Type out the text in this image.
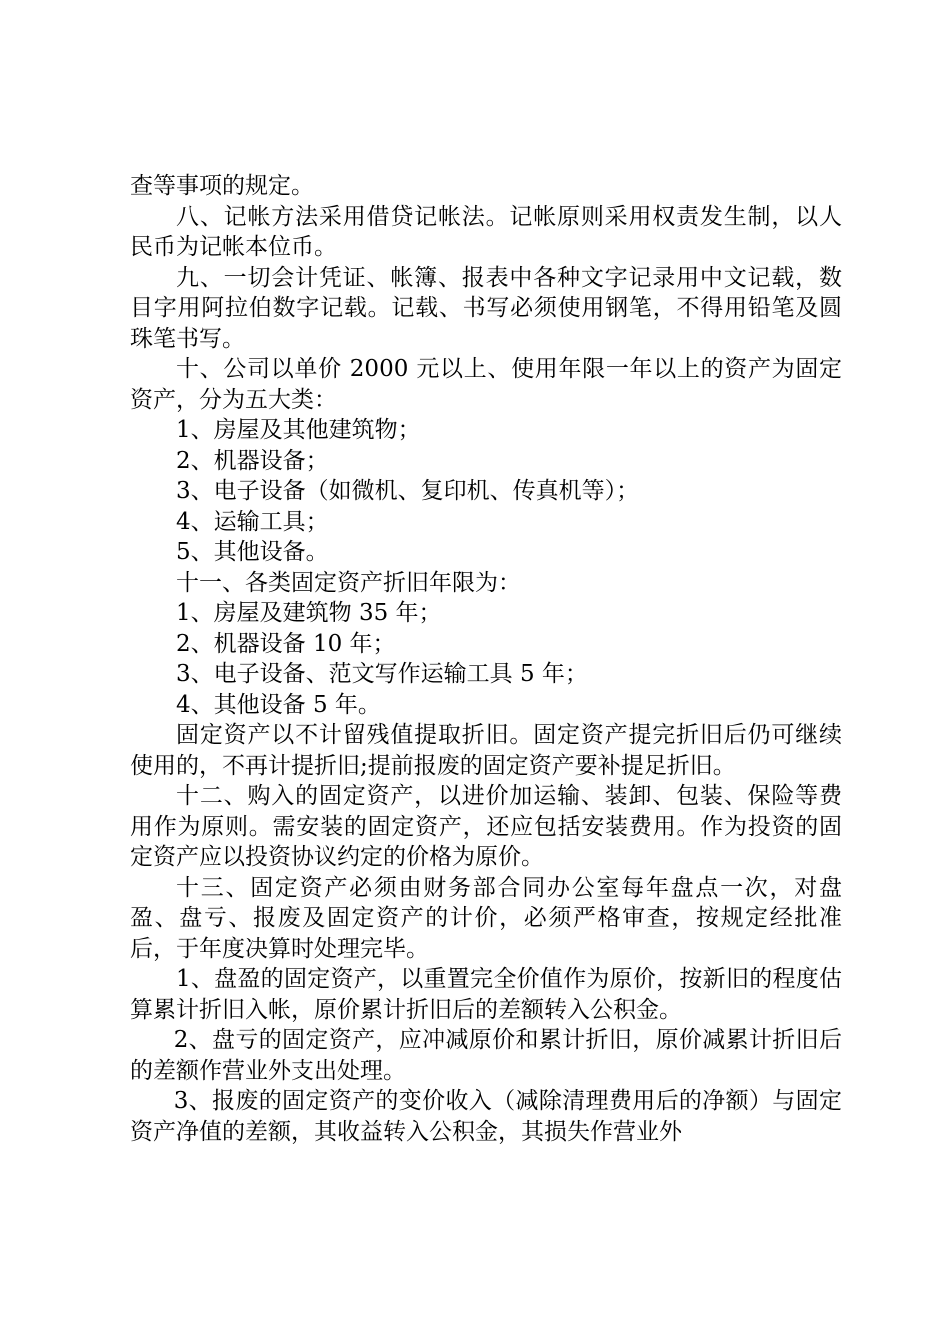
查等事项的规定。

八、记帐方法采用借贷记帐法。记帐原则采用权责发生制，以人民币为记帐本位币。

九、一切会计凭证、帐簿、报表中各种文字记录用中文记载，数目字用阿拉伯数字记载。记载、书写必须使用钢笔，不得用铅笔及圆珠笔书写。

十、公司以单价 2000 元以上、使用年限一年以上的资产为固定资产，分为五大类：

1、房屋及其他建筑物；

2、机器设备；

3、电子设备（如微机、复印机、传真机等）；

4、运输工具；

5、其他设备。

十一、各类固定资产折旧年限为：

1、房屋及建筑物 35 年；

2、机器设备 10 年；

3、电子设备、范文写作运输工具 5 年；

4、其他设备 5 年。

固定资产以不计留残值提取折旧。固定资产提完折旧后仍可继续使用的，不再计提折旧;提前报废的固定资产要补提足折旧。

十二、购入的固定资产，以进价加运输、装卸、包装、保险等费用作为原则。需安装的固定资产，还应包括安装费用。作为投资的固定资产应以投资协议约定的价格为原价。

十三、固定资产必须由财务部合同办公室每年盘点一次，对盘盈、盘亏、报废及固定资产的计价，必须严格审查，按规定经批准后，于年度决算时处理完毕。

1、盘盈的固定资产，以重置完全价值作为原价，按新旧的程度估算累计折旧入帐，原价累计折旧后的差额转入公积金。

2、盘亏的固定资产，应冲减原价和累计折旧，原价减累计折旧后的差额作营业外支出处理。

3、报废的固定资产的变价收入（减除清理费用后的净额）与固定资产净值的差额，其收益转入公积金，其损失作营业外
